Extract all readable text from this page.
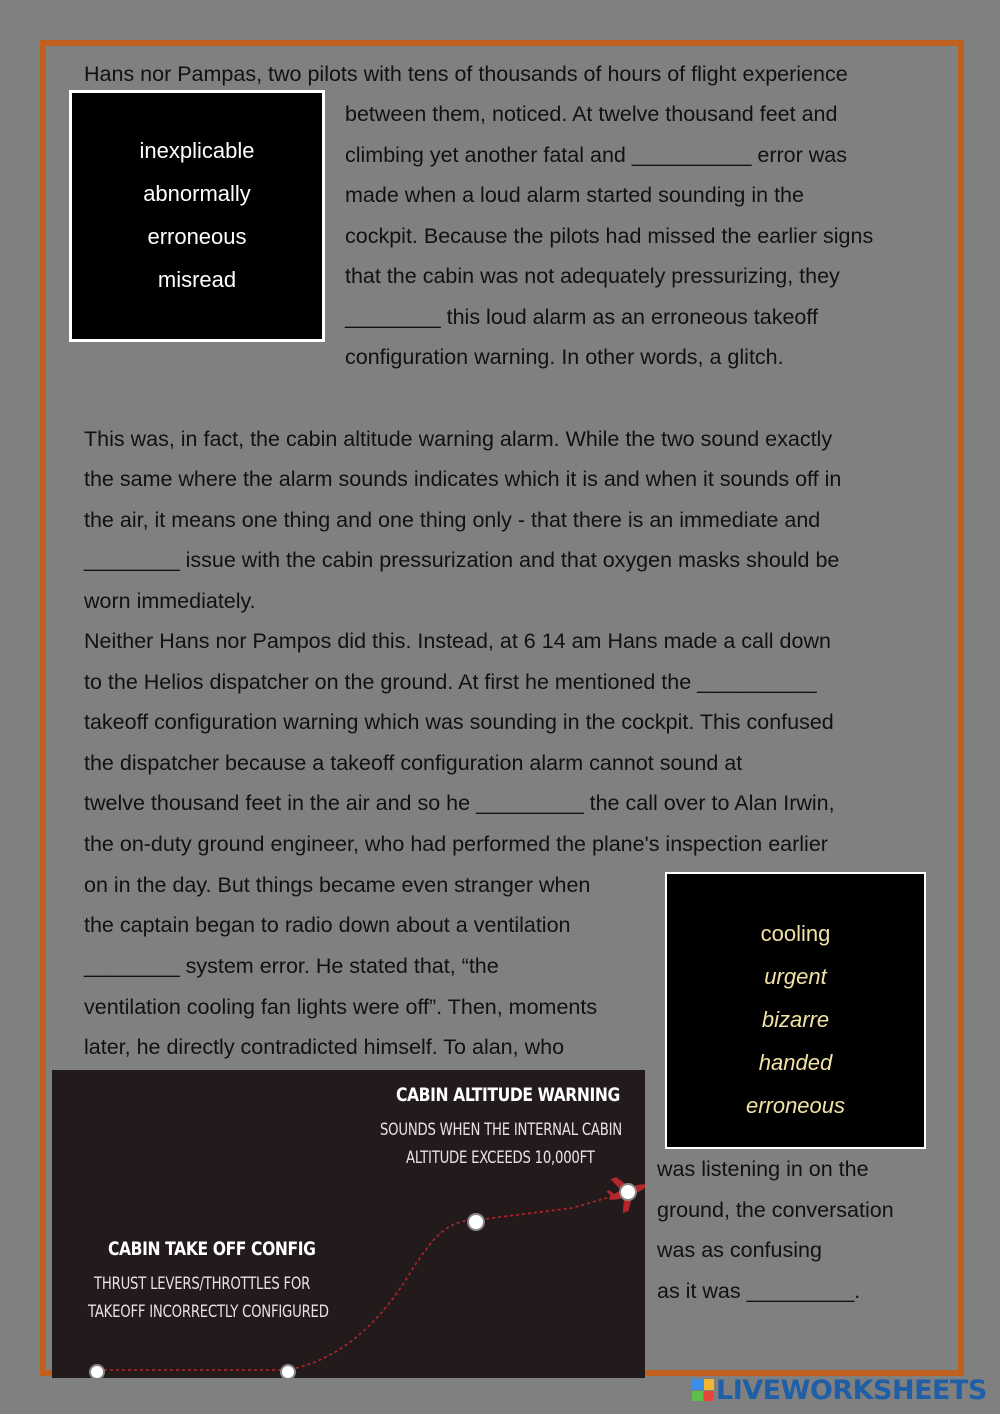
Hans nor Pampas, two pilots with tens of thousands of hours of flight experience
between them, noticed. At twelve thousand feet and
climbing yet another fatal and __________ error was
made when a loud alarm started sounding in the
cockpit. Because the pilots had missed the earlier signs
that the cabin was not adequately pressurizing, they
________ this loud alarm as an erroneous takeoff
configuration warning. In other words, a glitch.
inexplicable
abnormally
erroneous
misread
This was, in fact, the cabin altitude warning alarm. While the two sound exactly
the same where the alarm sounds indicates which it is and when it sounds off in
the air, it means one thing and one thing only - that there is an immediate and
________ issue with the cabin pressurization and that oxygen masks should be
worn immediately.
Neither Hans nor Pampos did this. Instead, at 6 14 am Hans made a call down
to the Helios dispatcher on the ground. At first he mentioned the __________
takeoff configuration warning which was sounding in the cockpit. This confused
the dispatcher because a takeoff configuration alarm cannot sound at
twelve thousand feet in the air and so he _________ the call over to Alan Irwin,
the on-duty ground engineer, who had performed the plane's inspection earlier
on in the day. But things became even stranger when
the captain began to radio down about a ventilation
________ system error. He stated that, “the
ventilation cooling fan lights were off”. Then, moments
later, he directly contradicted himself. To alan, who
was listening in on the
ground, the conversation
was as confusing
as it was _________.
cooling
urgent
bizarre
handed
erroneous
CABIN ALTITUDE WARNING
SOUNDS WHEN THE INTERNAL CABIN
ALTITUDE EXCEEDS 10,000FT
CABIN TAKE OFF CONFIG
THRUST LEVERS/THROTTLES FOR
TAKEOFF INCORRECTLY CONFIGURED
LIVEWORKSHEETS
